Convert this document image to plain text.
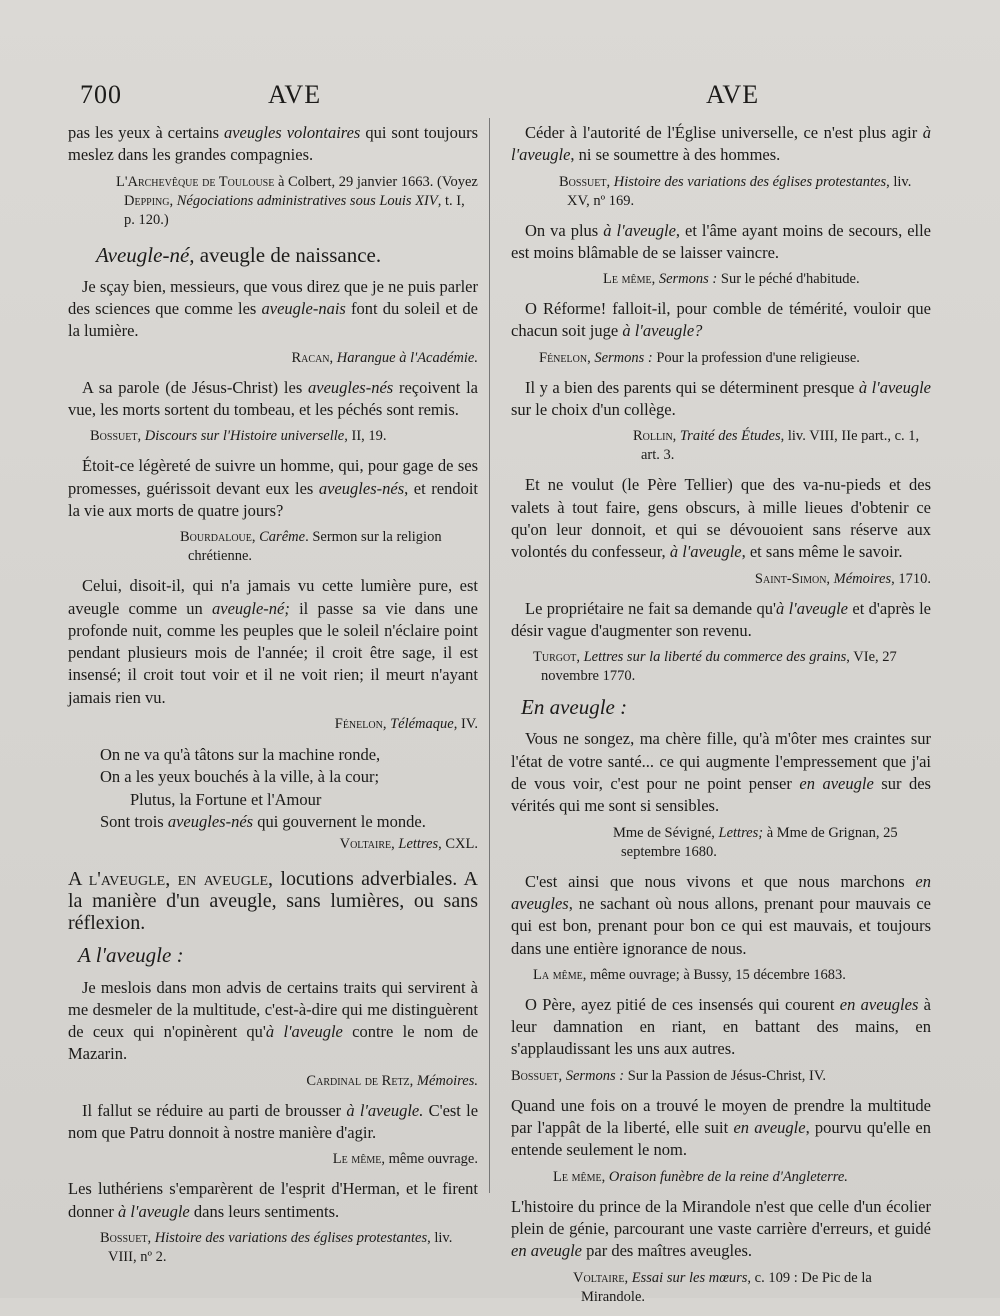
700	AVE	AVE

pas les yeux à certains aveugles volontaires qui sont toujours meslez dans les grandes compagnies.

L'Archevêque de Toulouse à Colbert, 29 janvier 1663. (Voyez Depping, Négociations administratives sous Louis XIV, t. I, p. 120.)
Aveugle-né, aveugle de naissance.

Je sçay bien, messieurs, que vous direz que je ne puis parler des sciences que comme les aveugle-nais font du soleil et de la lumière.

Racan, Harangue à l'Académie.

A sa parole (de Jésus-Christ) les aveugles-nés reçoivent la vue, les morts sortent du tombeau, et les péchés sont remis.

Bossuet, Discours sur l'Histoire universelle, II, 19.

Étoit-ce légèreté de suivre un homme, qui, pour gage de ses promesses, guérissoit devant eux les aveugles-nés, et rendoit la vie aux morts de quatre jours?

Bourdaloue, Carême. Sermon sur la religion chrétienne.

Celui, disoit-il, qui n'a jamais vu cette lumière pure, est aveugle comme un aveugle-né; il passe sa vie dans une profonde nuit, comme les peuples que le soleil n'éclaire point pendant plusieurs mois de l'année; il croit être sage, il est insensé; il croit tout voir et il ne voit rien; il meurt n'ayant jamais rien vu.

Fénelon, Télémaque, IV.
On ne va qu'à tâtons sur la machine ronde,
On a les yeux bouchés à la ville, à la cour;
Plutus, la Fortune et l'Amour
Sont trois aveugles-nés qui gouvernent le monde.
Voltaire, Lettres, CXL.

A l'aveugle, en aveugle, locutions adverbiales. A la manière d'un aveugle, sans lumières, ou sans réflexion.

A l'aveugle :

Je meslois dans mon advis de certains traits qui servirent à me desmeler de la multitude, c'est-à-dire qui me distinguèrent de ceux qui n'opinèrent qu'à l'aveugle contre le nom de Mazarin.

Cardinal de Retz, Mémoires.

Il fallut se réduire au parti de brousser à l'aveugle. C'est le nom que Patru donnoit à nostre manière d'agir.

Le même, même ouvrage.

Les luthériens s'emparèrent de l'esprit d'Herman, et le firent donner à l'aveugle dans leurs sentiments.

Bossuet, Histoire des variations des églises protestantes, liv. VIII, nº 2.

Céder à l'autorité de l'Église universelle, ce n'est plus agir à l'aveugle, ni se soumettre à des hommes.

Bossuet, Histoire des variations des églises protestantes, liv. XV, nº 169.

On va plus à l'aveugle, et l'âme ayant moins de secours, elle est moins blâmable de se laisser vaincre.

Le même, Sermons : Sur le péché d'habitude.

O Réforme! falloit-il, pour comble de témérité, vouloir que chacun soit juge à l'aveugle?

Fénelon, Sermons : Pour la profession d'une religieuse.

Il y a bien des parents qui se déterminent presque à l'aveugle sur le choix d'un collège.

Rollin, Traité des Études, liv. VIII, IIe part., c. 1, art. 3.

Et ne voulut (le Père Tellier) que des va-nu-pieds et des valets à tout faire, gens obscurs, à mille lieues d'obtenir ce qu'on leur donnoit, et qui se dévouoient sans réserve aux volontés du confesseur, à l'aveugle, et sans même le savoir.

Saint-Simon, Mémoires, 1710.

Le propriétaire ne fait sa demande qu'à l'aveugle et d'après le désir vague d'augmenter son revenu.

Turgot, Lettres sur la liberté du commerce des grains, VIe, 27 novembre 1770.
En aveugle :

Vous ne songez, ma chère fille, qu'à m'ôter mes craintes sur l'état de votre santé... ce qui augmente l'empressement que j'ai de vous voir, c'est pour ne point penser en aveugle sur des vérités qui me sont si sensibles.

Mme de Sévigné, Lettres; à Mme de Grignan, 25 septembre 1680.

C'est ainsi que nous vivons et que nous marchons en aveugles, ne sachant où nous allons, prenant pour mauvais ce qui est bon, prenant pour bon ce qui est mauvais, et toujours dans une entière ignorance de nous.

La même, même ouvrage; à Bussy, 15 décembre 1683.

O Père, ayez pitié de ces insensés qui courent en aveugles à leur damnation en riant, en battant des mains, en s'applaudissant les uns aux autres.

Bossuet, Sermons : Sur la Passion de Jésus-Christ, IV.

Quand une fois on a trouvé le moyen de prendre la multitude par l'appât de la liberté, elle suit en aveugle, pourvu qu'elle en entende seulement le nom.

Le même, Oraison funèbre de la reine d'Angleterre.

L'histoire du prince de la Mirandole n'est que celle d'un écolier plein de génie, parcourant une vaste carrière d'erreurs, et guidé en aveugle par des maîtres aveugles.

Voltaire, Essai sur les mœurs, c. 109 : De Pic de la Mirandole.
